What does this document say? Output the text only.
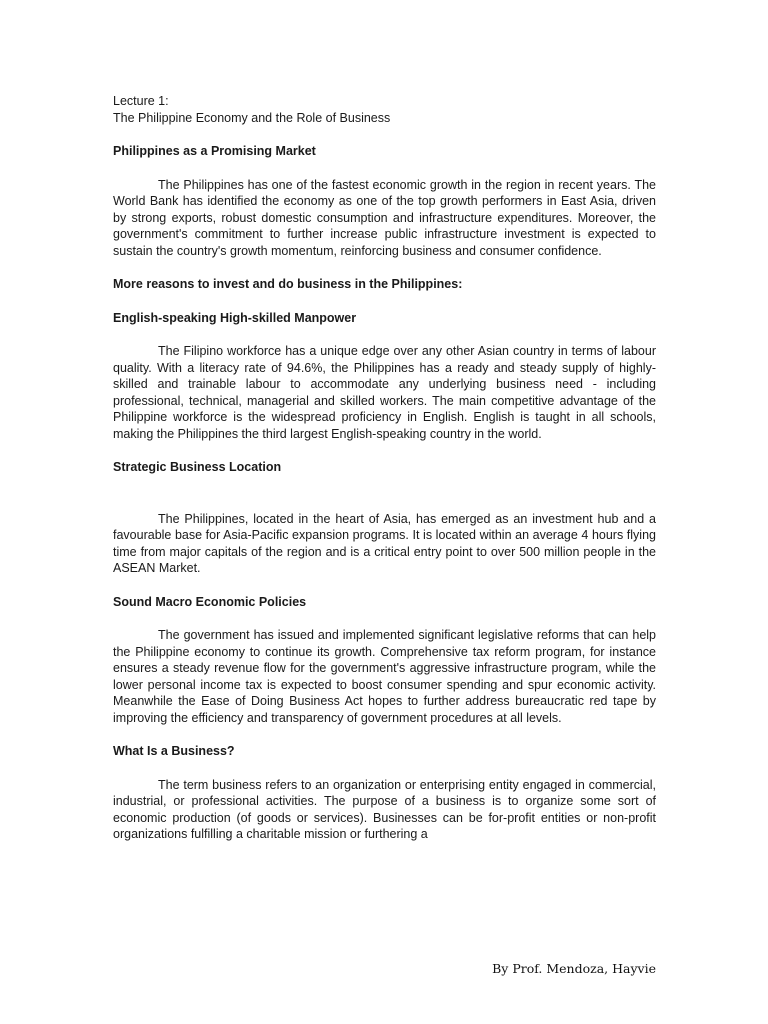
Lecture 1:

The Philippine Economy and the Role of Business

Philippines as a Promising Market

The Philippines has one of the fastest economic growth in the region in recent years. The World Bank has identified the economy as one of the top growth performers in East Asia, driven by strong exports, robust domestic consumption and infrastructure expenditures. Moreover, the government's commitment to further increase public infrastructure investment is expected to sustain the country's growth momentum, reinforcing business and consumer confidence.

More reasons to invest and do business in the Philippines:

English-speaking High-skilled Manpower

The Filipino workforce has a unique edge over any other Asian country in terms of labour quality. With a literacy rate of 94.6%, the Philippines has a ready and steady supply of highly-skilled and trainable labour to accommodate any underlying business need - including professional, technical, managerial and skilled workers. The main competitive advantage of the Philippine workforce is the widespread proficiency in English. English is taught in all schools, making the Philippines the third largest English-speaking country in the world.

Strategic Business Location

The Philippines, located in the heart of Asia, has emerged as an investment hub and a favourable base for Asia-Pacific expansion programs. It is located within an average 4 hours flying time from major capitals of the region and is a critical entry point to over 500 million people in the ASEAN Market.

Sound Macro Economic Policies

The government has issued and implemented significant legislative reforms that can help the Philippine economy to continue its growth. Comprehensive tax reform program, for instance ensures a steady revenue flow for the government's aggressive infrastructure program, while the lower personal income tax is expected to boost consumer spending and spur economic activity. Meanwhile the Ease of Doing Business Act hopes to further address bureaucratic red tape by improving the efficiency and transparency of government procedures at all levels.

What Is a Business?

The term business refers to an organization or enterprising entity engaged in commercial, industrial, or professional activities. The purpose of a business is to organize some sort of economic production (of goods or services). Businesses can be for-profit entities or non-profit organizations fulfilling a charitable mission or furthering a

By Prof. Mendoza, Hayvie
